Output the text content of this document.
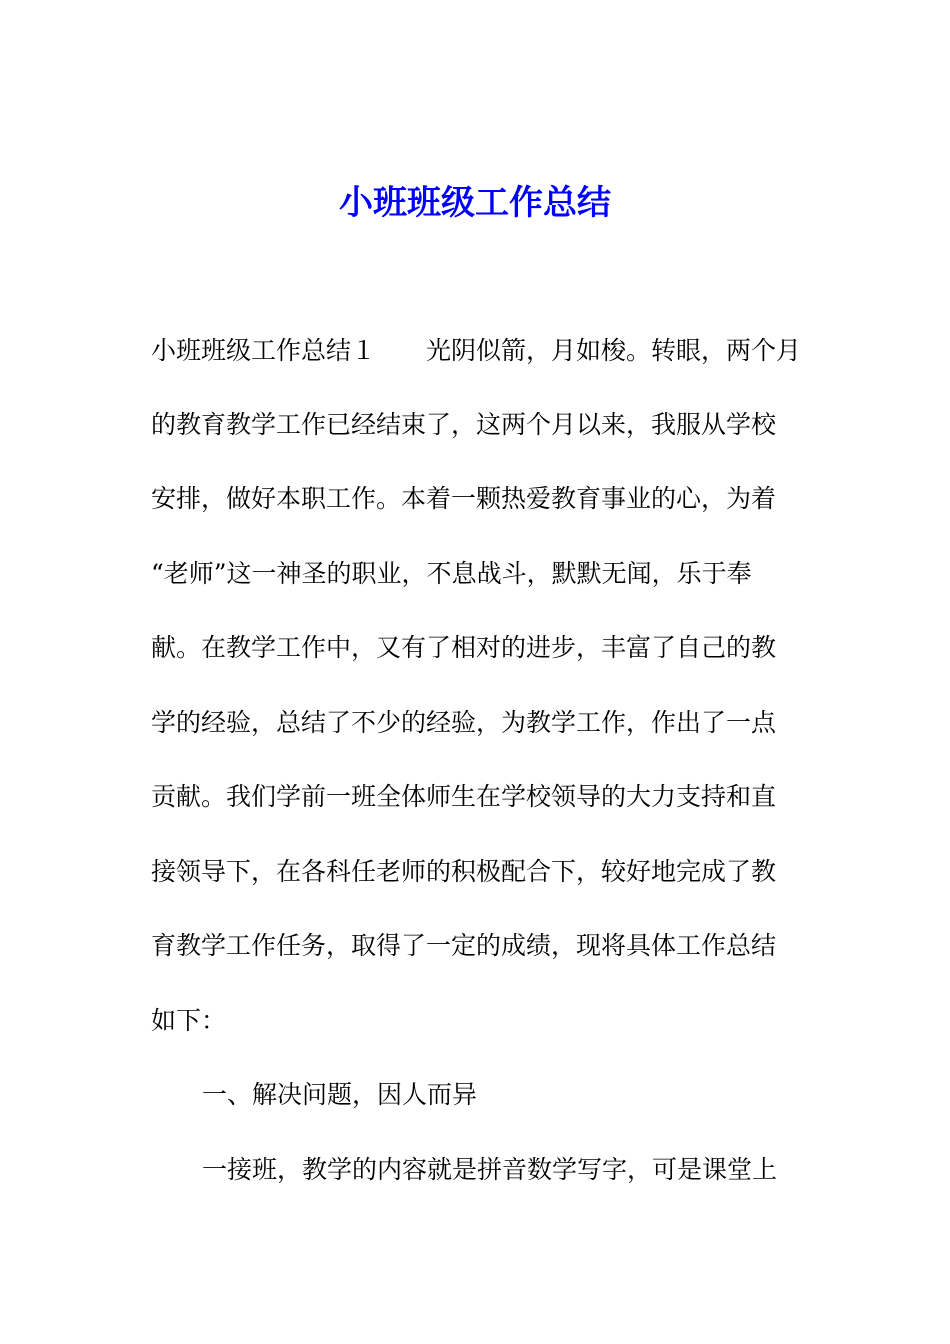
小班班级工作总结

小班班级工作总结１ 光阴似箭，月如梭。转眼，两个月

的教育教学工作已经结束了，这两个月以来，我服从学校

安排，做好本职工作。本着一颗热爱教育事业的心，为着

“老师”这一神圣的职业，不息战斗，默默无闻，乐于奉

献。在教学工作中，又有了相对的进步，丰富了自己的教

学的经验，总结了不少的经验，为教学工作，作出了一点

贡献。我们学前一班全体师生在学校领导的大力支持和直

接领导下，在各科任老师的积极配合下，较好地完成了教

育教学工作任务，取得了一定的成绩，现将具体工作总结

如下：

一、解决问题，因人而异

一接班，教学的内容就是拼音数学写字，可是课堂上
